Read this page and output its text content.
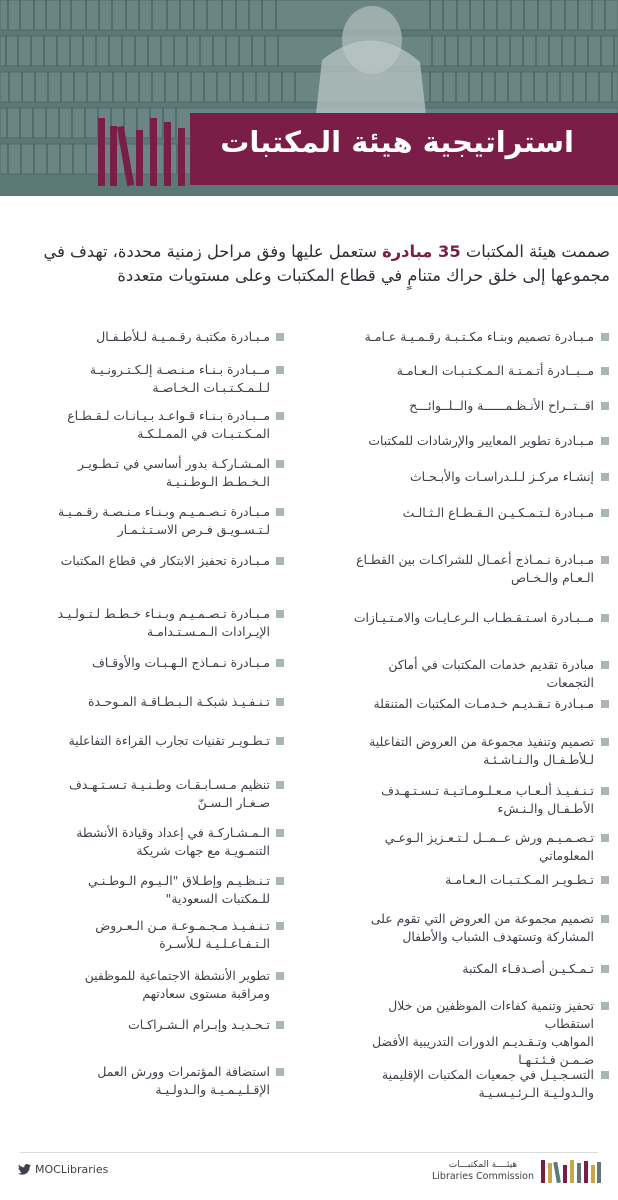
استراتيجية هيئة المكتبات

صممت هيئة المكتبات 35 مبادرة ستعمل عليها وفق مراحل زمنية محددة، تهدف في

مجموعها إلى خلق حراك متنامٍ في قطاع المكتبات وعلى مستويات متعددة

مـبـادرة تصميم وبنـاء مكـتـبـة رقـمـيـة عـامـة
مــبــادرة أتـمـتـة الـمـكـتـبـات الـعـامـة
اقــتــراح الأنـظـمــــــة والــلــوائـــح
مـبـادرة تطوير المعايير والإرشادات للمكتبات
إنشـاء مركـز لـلـدراسـات والأبـحـاث
مـبـادرة لـتـمـكـيـن الـقـطـاع الـثـالـث
مـبـادرة نـمـاذج أعمـال للشراكـات بين القطـاع
الـعـام والـخـاص
مــبـادرة اسـتـقـطـاب الـرعـايـات والامـتـيـازات
مبادرة تقديم خدمات المكتبات في أماكن التجمعات
مـبـادرة تـقـديـم خـدمـات المكتبات المتنقلة
تصميم وتنفيذ مجموعة من العروض التفاعلية
لـلأطـفـال والـنـاشـئـة
تـنـفـيـذ ألـعـاب مـعـلـومـاتـيـة تـسـتـهـدف
الأطـفـال والـنـشء
تـصـمـيـم ورش عــمــل لـتـعـزيز الـوعـي المعلوماتي
تـطـويـر المـكـتـبـات الـعـامـة
تصميم مجموعة من العروض التي تقوم على
المشاركة وتستهدف الشباب والأطفال
تـمـكـيـن أصـدقـاء المكتبة
تحفيز وتنمية كفاءات الموظفين من خلال استقطاب
المواهب وتـقـديـم الدورات التدريبية الأفضل
ضـمـن فـئـتـهـا
التسـجـيـل في جمعيات المكتبات الإقليمية
والـدولـيـة الـرئـيـسـيـة
مـبـادرة مكتبـة رقـمـيـة لـلأطـفـال
مــبـادرة بـنـاء مـنـصـة إلـكـتـرونـيـة
لـلـمـكـتـبـات الـخـاصـة
مــبـادرة بـنـاء قـواعـد بـيـانـات لـقـطـاع
المـكـتـبـات في الممـلـكـة
المـشـاركـة بدور أساسي في تـطـويـر
الـخـطـط الـوطـنـيـة
مـبـادرة تـصـمـيـم وبـنـاء مـنـصـة رقـمـيـة
لـتـسـويـق فـرص الاسـتـثـمـار
مـبـادرة تحفيز الابتكار في قطاع المكتبات
مـبـادرة تـصـمـيـم وبـنـاء خـطـط لـتـولـيـد
الإيـرادات الـمـسـتـدامـة
مـبـادرة نـمـاذج الـهـبـات والأوقـاف
تـنـفـيـذ شبكـة الـبـطـاقـة المـوحـدة
تـطـويـر تقنيات تجارب القراءة التفاعلية
تنظيم مـسـابـقـات وطـنـيـة تـسـتـهـدف
صـغـار الـسـنّ
الـمـشـاركـة في إعداد وقيادة الأنشطة
التنمـويـة مع جهات شريكة
تـنـظـيـم وإطـلاق "الـيـوم الـوطـنـي
للـمكتبات السعودية"
تـنـفـيـذ مـجـمـوعـة مـن الـعـروض
الـتـفـاعـلـيـة لـلأسـرة
تطوير الأنشطة الاجتماعية للموظفين
ومراقبة مستوى سعادتهم
تـحـديـد وإبـرام الـشـراكـات
استضافة المؤتمرات وورش العمل
الإقـلـيـمـيـة والـدولـيـة
MOCLibraries	هيئــــة المكتبـــات
Libraries Commission
